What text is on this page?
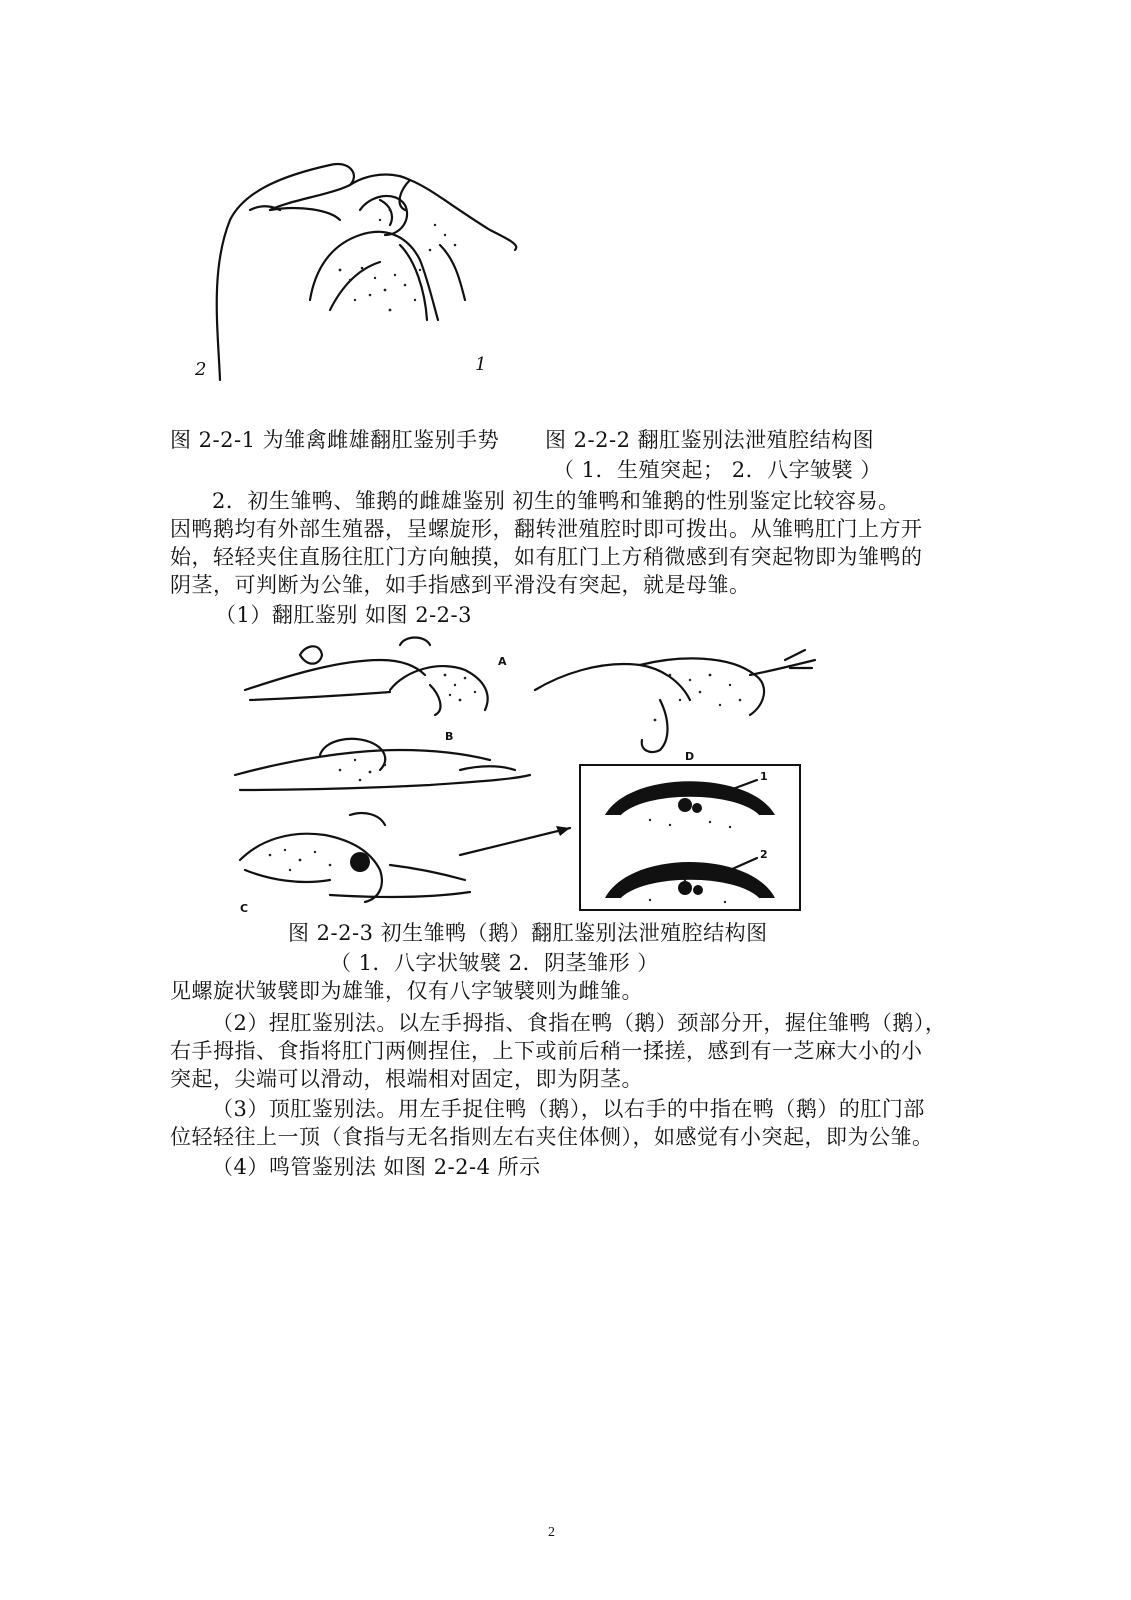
2	1
图 2-2-1 为雏禽雌雄翻肛鉴别手势 图 2-2-2 翻肛鉴别法泄殖腔结构图
（ 1．生殖突起； 2．八字皱襞 ）
2．初生雏鸭、雏鹅的雌雄鉴别 初生的雏鸭和雏鹅的性别鉴定比较容易。
因鸭鹅均有外部生殖器，呈螺旋形，翻转泄殖腔时即可拨出。从雏鸭肛门上方开
始，轻轻夹住直肠往肛门方向触摸，如有肛门上方稍微感到有突起物即为雏鸭的
阴茎，可判断为公雏，如手指感到平滑没有突起，就是母雏。
（1）翻肛鉴别 如图 2-2-3
A
D
B
C
1
2
图 2-2-3 初生雏鸭（鹅）翻肛鉴别法泄殖腔结构图
（ 1．八字状皱襞 2．阴茎雏形 ）
见螺旋状皱襞即为雄雏，仅有八字皱襞则为雌雏。
（2）捏肛鉴别法。以左手拇指、食指在鸭（鹅）颈部分开，握住雏鸭（鹅），
右手拇指、食指将肛门两侧捏住，上下或前后稍一揉搓，感到有一芝麻大小的小
突起，尖端可以滑动，根端相对固定，即为阴茎。
（3）顶肛鉴别法。用左手捉住鸭（鹅），以右手的中指在鸭（鹅）的肛门部
位轻轻往上一顶（食指与无名指则左右夹住体侧），如感觉有小突起，即为公雏。
（4）鸣管鉴别法 如图 2-2-4 所示
2
